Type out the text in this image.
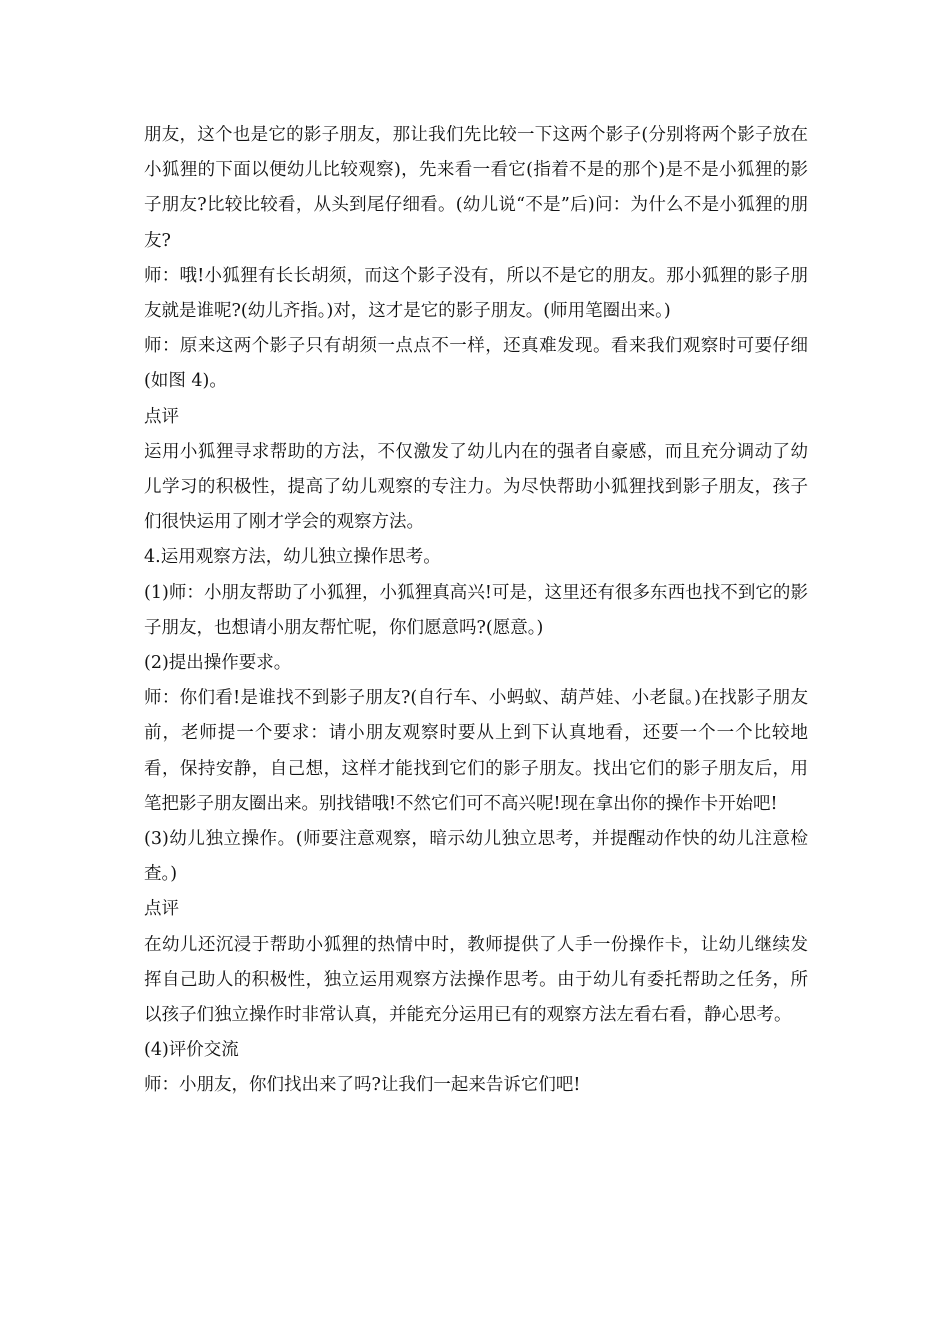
朋友，这个也是它的影子朋友，那让我们先比较一下这两个影子(分别将两个影子放在小狐狸的下面以便幼儿比较观察)，先来看一看它(指着不是的那个)是不是小狐狸的影子朋友?比较比较看，从头到尾仔细看。(幼儿说“不是”后)问：为什么不是小狐狸的朋友?

师：哦!小狐狸有长长胡须，而这个影子没有，所以不是它的朋友。那小狐狸的影子朋友就是谁呢?(幼儿齐指。)对，这才是它的影子朋友。(师用笔圈出来。)

师：原来这两个影子只有胡须一点点不一样，还真难发现。看来我们观察时可要仔细(如图 4)。

点评

运用小狐狸寻求帮助的方法，不仅激发了幼儿内在的强者自豪感，而且充分调动了幼儿学习的积极性，提高了幼儿观察的专注力。为尽快帮助小狐狸找到影子朋友，孩子们很快运用了刚才学会的观察方法。

4.运用观察方法，幼儿独立操作思考。

(1)师：小朋友帮助了小狐狸，小狐狸真高兴!可是，这里还有很多东西也找不到它的影子朋友，也想请小朋友帮忙呢，你们愿意吗?(愿意。)

(2)提出操作要求。

师：你们看!是谁找不到影子朋友?(自行车、小蚂蚁、葫芦娃、小老鼠。)在找影子朋友前，老师提一个要求：请小朋友观察时要从上到下认真地看，还要一个一个比较地看，保持安静，自己想，这样才能找到它们的影子朋友。找出它们的影子朋友后，用笔把影子朋友圈出来。别找错哦!不然它们可不高兴呢!现在拿出你的操作卡开始吧!

(3)幼儿独立操作。(师要注意观察，暗示幼儿独立思考，并提醒动作快的幼儿注意检查。)

点评

在幼儿还沉浸于帮助小狐狸的热情中时，教师提供了人手一份操作卡，让幼儿继续发挥自己助人的积极性，独立运用观察方法操作思考。由于幼儿有委托帮助之任务，所以孩子们独立操作时非常认真，并能充分运用已有的观察方法左看右看，静心思考。

(4)评价交流

师：小朋友，你们找出来了吗?让我们一起来告诉它们吧!
